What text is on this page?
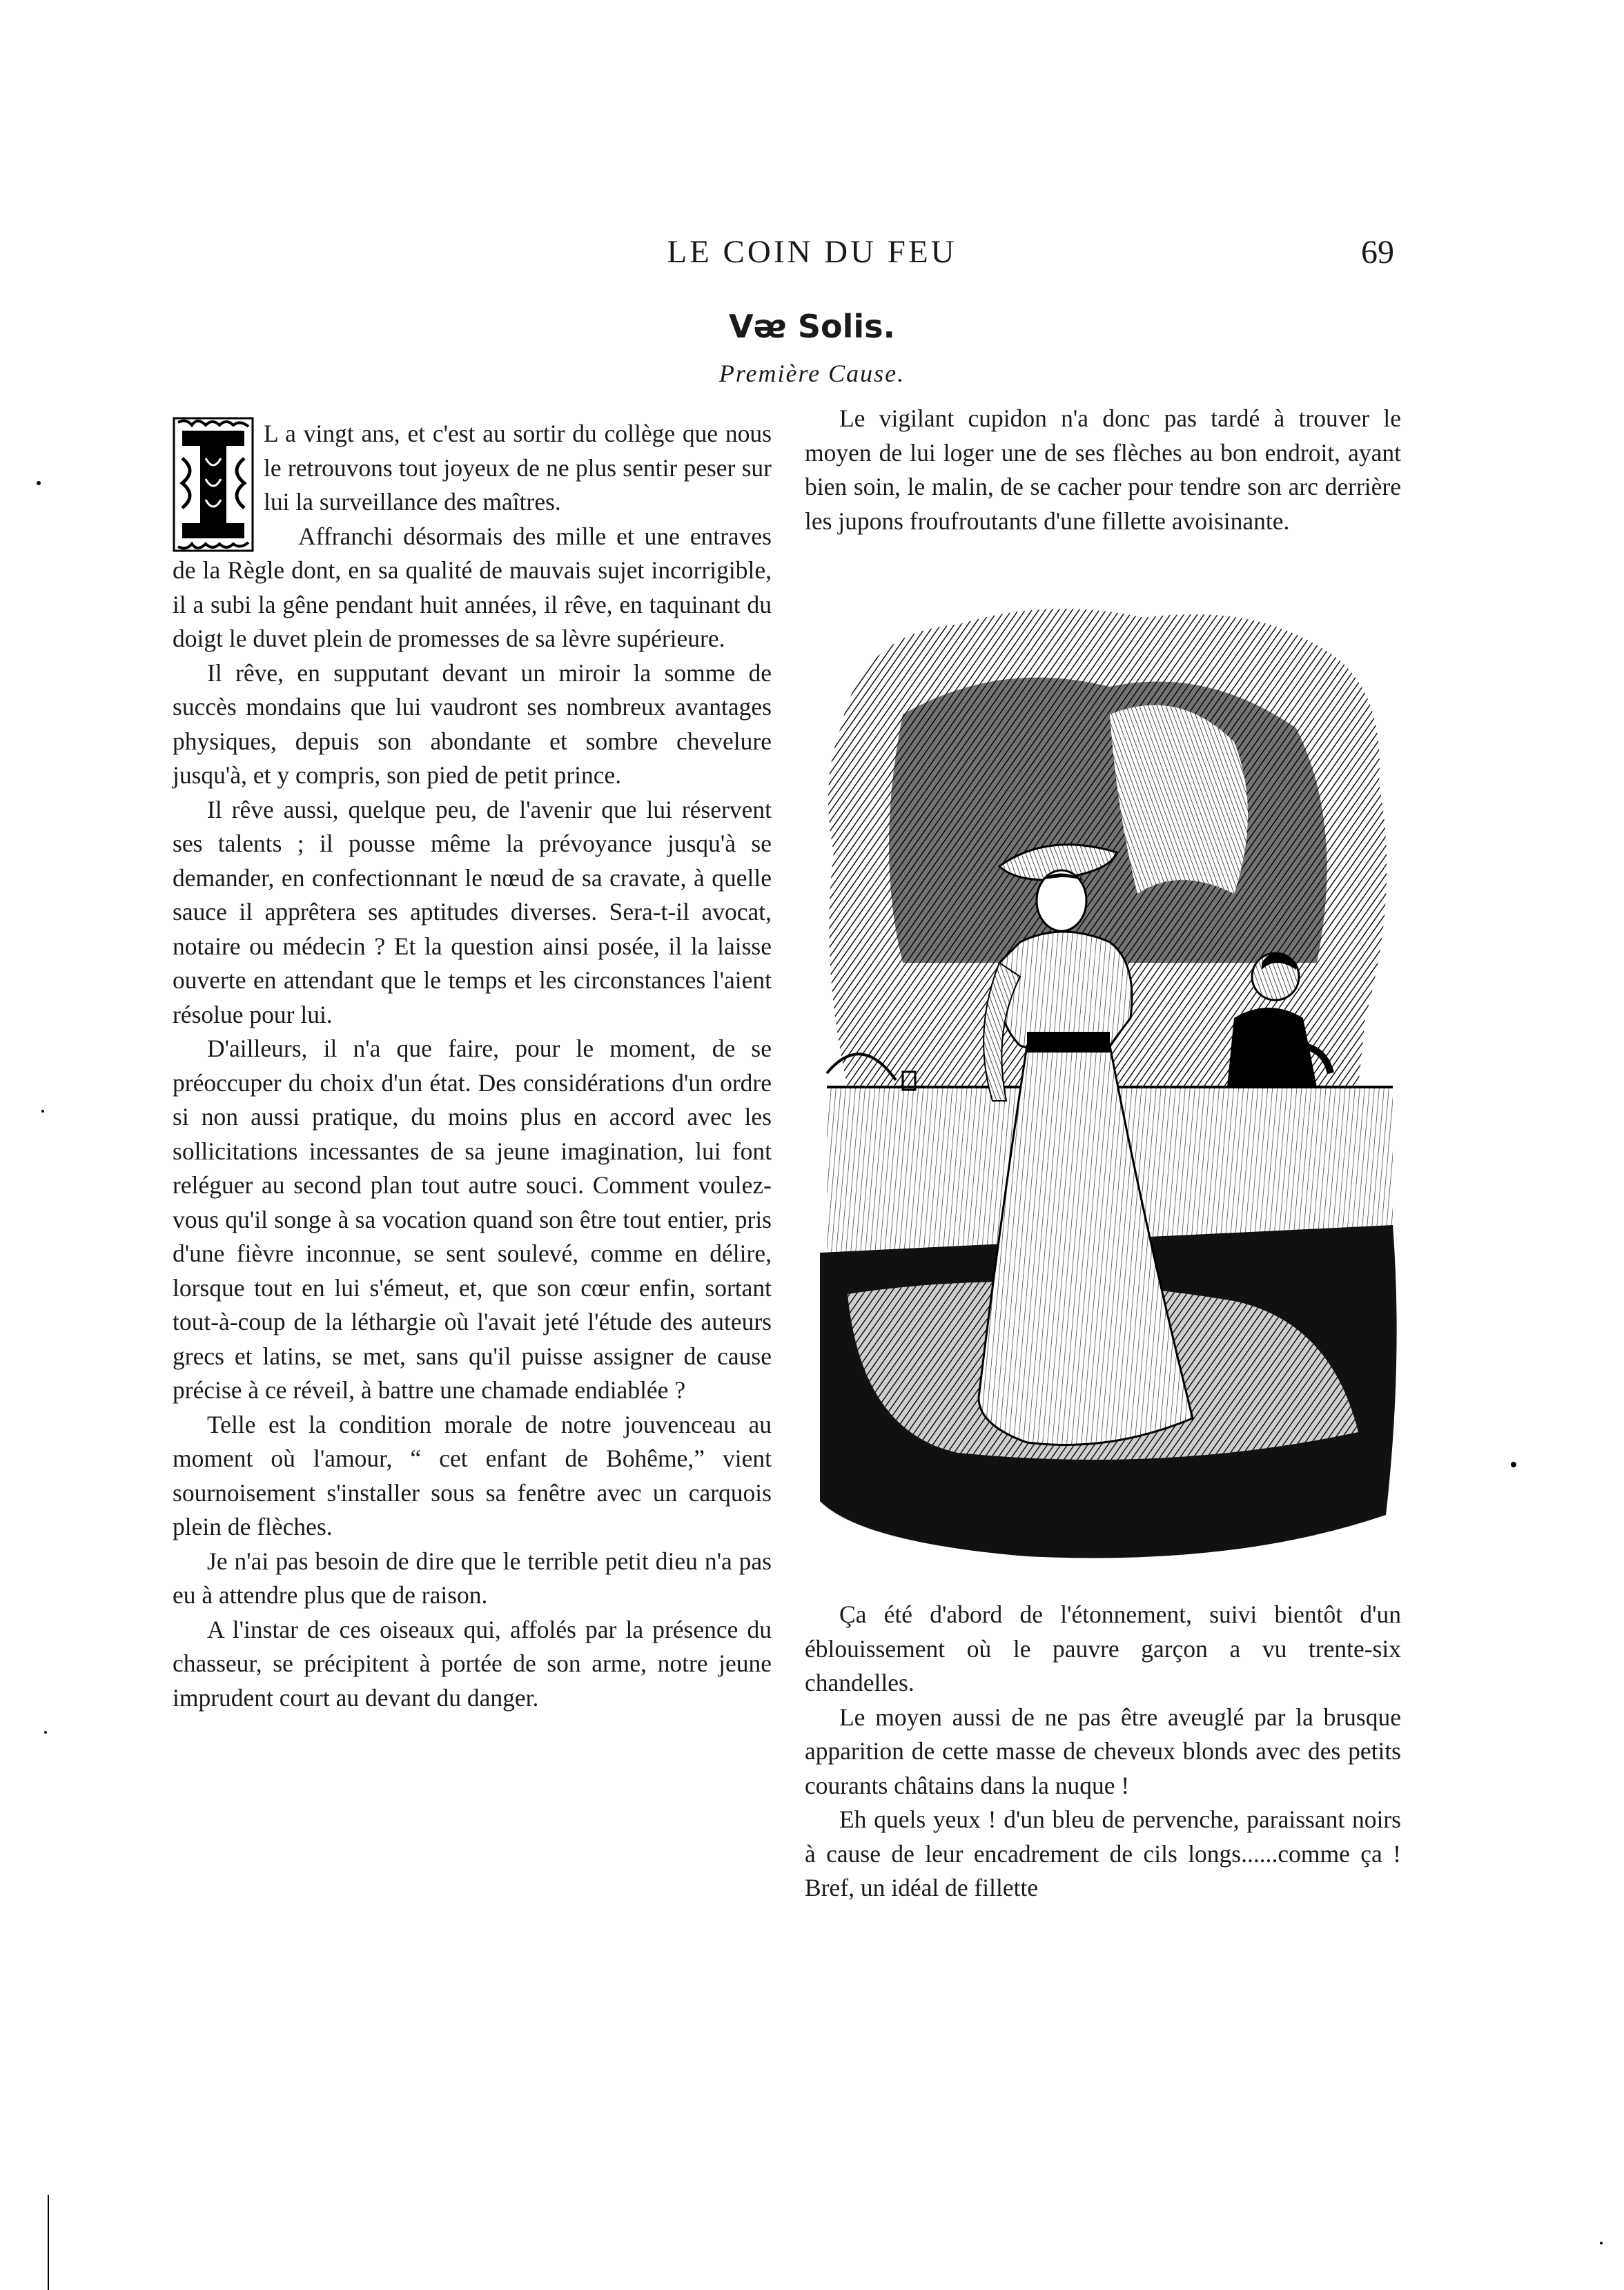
LE COIN DU FEU	69
Vᴂ Solis.
Première Cause.

L a vingt ans, et c'est au sortir du collège que nous le retrouvons tout joyeux de ne plus sentir peser sur lui la surveillance des maîtres.

Affranchi désormais des mille et une entraves de la Règle dont, en sa qualité de mauvais sujet incorrigible, il a subi la gêne pendant huit années, il rêve, en taquinant du doigt le duvet plein de promesses de sa lèvre supérieure.

Il rêve, en supputant devant un miroir la somme de succès mondains que lui vaudront ses nombreux avantages physiques, depuis son abondante et sombre chevelure jusqu'à, et y compris, son pied de petit prince.

Il rêve aussi, quelque peu, de l'avenir que lui réservent ses talents ; il pousse même la prévoyance jusqu'à se demander, en confectionnant le nœud de sa cravate, à quelle sauce il apprêtera ses aptitudes diverses. Sera-t-il avocat, notaire ou médecin ? Et la question ainsi posée, il la laisse ouverte en attendant que le temps et les circonstances l'aient résolue pour lui.

D'ailleurs, il n'a que faire, pour le moment, de se préoccuper du choix d'un état. Des considérations d'un ordre si non aussi pratique, du moins plus en accord avec les sollicitations incessantes de sa jeune imagination, lui font reléguer au second plan tout autre souci. Comment voulez-vous qu'il songe à sa vocation quand son être tout entier, pris d'une fièvre inconnue, se sent soulevé, comme en délire, lorsque tout en lui s'émeut, et, que son cœur enfin, sortant tout-à-coup de la léthargie où l'avait jeté l'étude des auteurs grecs et latins, se met, sans qu'il puisse assigner de cause précise à ce réveil, à battre une chamade endiablée ?

Telle est la condition morale de notre jouvenceau au moment où l'amour, “ cet enfant de Bohême,” vient sournoisement s'installer sous sa fenêtre avec un carquois plein de flèches.

Je n'ai pas besoin de dire que le terrible petit dieu n'a pas eu à attendre plus que de raison.

A l'instar de ces oiseaux qui, affolés par la présence du chasseur, se précipitent à portée de son arme, notre jeune imprudent court au devant du danger.

Le vigilant cupidon n'a donc pas tardé à trouver le moyen de lui loger une de ses flèches au bon endroit, ayant bien soin, le malin, de se cacher pour tendre son arc derrière les jupons froufroutants d'une fillette avoisinante.

Ça été d'abord de l'étonnement, suivi bientôt d'un éblouissement où le pauvre garçon a vu trente-six chandelles.

Le moyen aussi de ne pas être aveuglé par la brusque apparition de cette masse de cheveux blonds avec des petits courants châtains dans la nuque !

Eh quels yeux ! d'un bleu de pervenche, paraissant noirs à cause de leur encadrement de cils longs......comme ça ! Bref, un idéal de fillette
